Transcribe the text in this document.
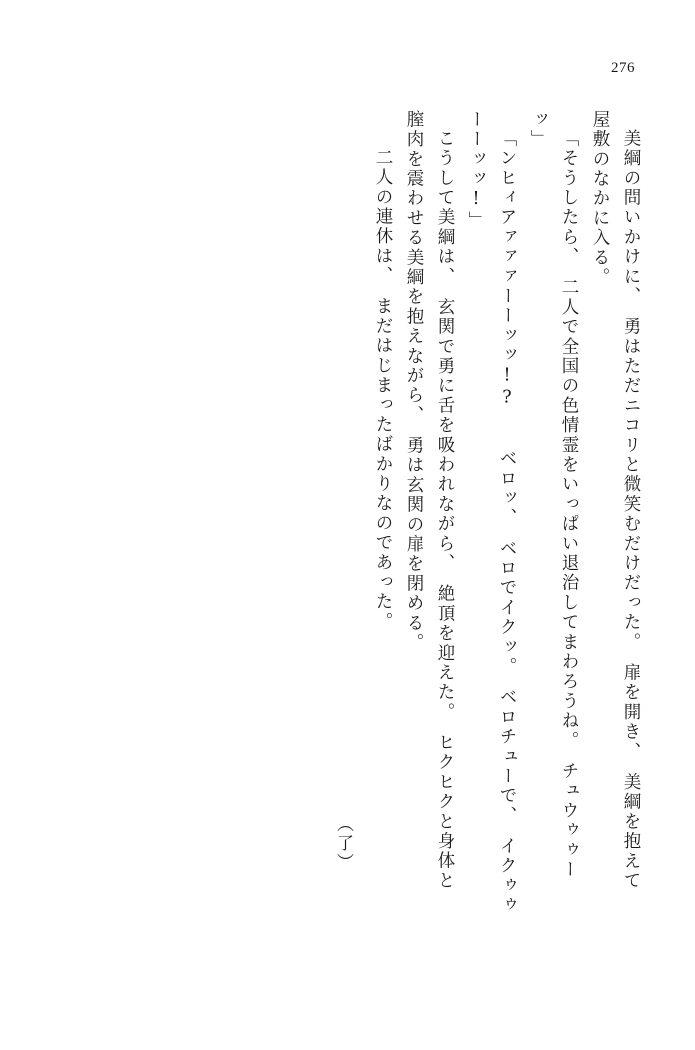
276
美綱の問いかけに、　勇はただニコリと微笑むだけだった。　扉を開き、　美綱を抱えて
屋敷のなかに入る。
「そうしたら、　二人で全国の色情霊をいっぱい退治してまわろうね。　チュウゥゥー
ッ」
「ンヒィアァァァーーッッ!?　　ベロッ、　ベロでイクッ。　ベロチューで、　イクゥゥ
ーーッッ!」
こうして美綱は、　玄関で勇に舌を吸われながら、　絶頂を迎えた。　ヒクヒクと身体と
膣肉を震わせる美綱を抱えながら、　勇は玄関の扉を閉める。
二人の連休は、　まだはじまったばかりなのであった。

（了）
